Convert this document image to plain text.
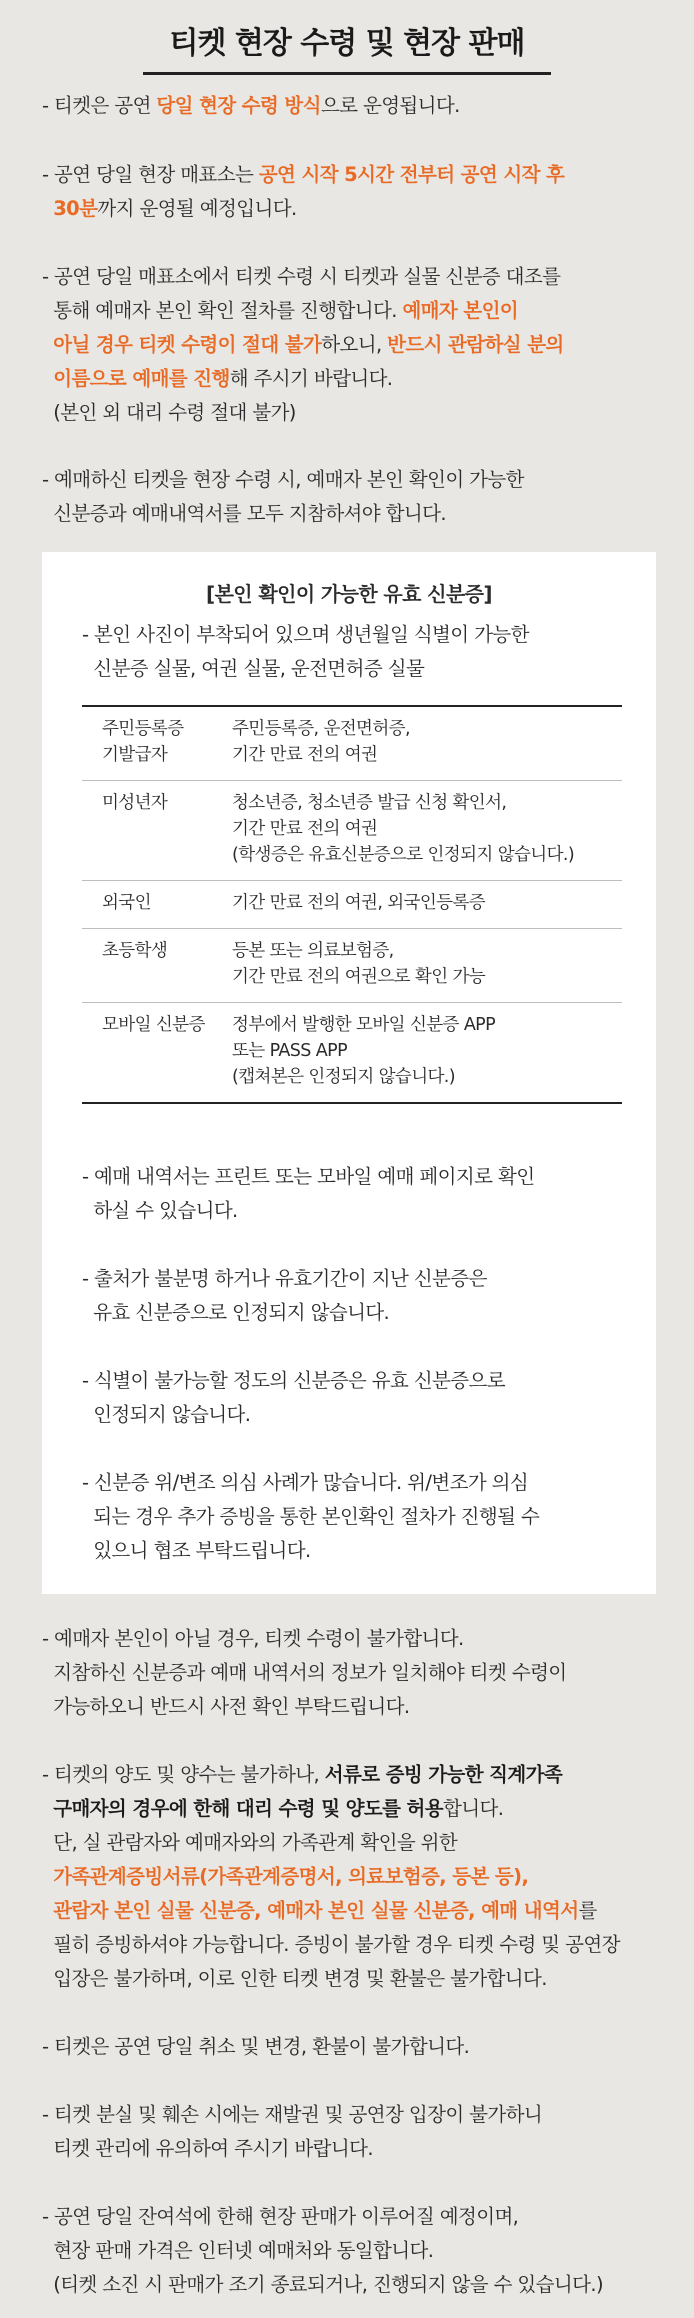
티켓 현장 수령 및 현장 판매
- 티켓은 공연 당일 현장 수령 방식으로 운영됩니다.
- 공연 당일 현장 매표소는 공연 시작 5시간 전부터 공연 시작 후
30분까지 운영될 예정입니다.
- 공연 당일 매표소에서 티켓 수령 시 티켓과 실물 신분증 대조를
통해 예매자 본인 확인 절차를 진행합니다. 예매자 본인이
아닐 경우 티켓 수령이 절대 불가하오니, 반드시 관람하실 분의
이름으로 예매를 진행해 주시기 바랍니다.
(본인 외 대리 수령 절대 불가)
- 예매하신 티켓을 현장 수령 시, 예매자 본인 확인이 가능한
신분증과 예매내역서를 모두 지참하셔야 합니다.
[본인 확인이 가능한 유효 신분증]
- 본인 사진이 부착되어 있으며 생년월일 식별이 가능한
신분증 실물, 여권 실물, 운전면허증 실물
주민등록증
기발급자	주민등록증, 운전면허증,
기간 만료 전의 여권
미성년자	청소년증, 청소년증 발급 신청 확인서,
기간 만료 전의 여권
(학생증은 유효신분증으로 인정되지 않습니다.)
외국인	기간 만료 전의 여권, 외국인등록증
초등학생	등본 또는 의료보험증,
기간 만료 전의 여권으로 확인 가능
모바일 신분증	정부에서 발행한 모바일 신분증 APP
또는 PASS APP
(캡쳐본은 인정되지 않습니다.)
- 예매 내역서는 프린트 또는 모바일 예매 페이지로 확인
하실 수 있습니다.
- 출처가 불분명 하거나 유효기간이 지난 신분증은
유효 신분증으로 인정되지 않습니다.
- 식별이 불가능할 정도의 신분증은 유효 신분증으로
인정되지 않습니다.
- 신분증 위/변조 의심 사례가 많습니다. 위/변조가 의심
되는 경우 추가 증빙을 통한 본인확인 절차가 진행될 수
있으니 협조 부탁드립니다.
- 예매자 본인이 아닐 경우, 티켓 수령이 불가합니다.
지참하신 신분증과 예매 내역서의 정보가 일치해야 티켓 수령이
가능하오니 반드시 사전 확인 부탁드립니다.
- 티켓의 양도 및 양수는 불가하나, 서류로 증빙 가능한 직계가족
구매자의 경우에 한해 대리 수령 및 양도를 허용합니다.
단, 실 관람자와 예매자와의 가족관계 확인을 위한
가족관계증빙서류(가족관계증명서, 의료보험증, 등본 등),
관람자 본인 실물 신분증, 예매자 본인 실물 신분증, 예매 내역서를
필히 증빙하셔야 가능합니다. 증빙이 불가할 경우 티켓 수령 및 공연장
입장은 불가하며, 이로 인한 티켓 변경 및 환불은 불가합니다.
- 티켓은 공연 당일 취소 및 변경, 환불이 불가합니다.
- 티켓 분실 및 훼손 시에는 재발권 및 공연장 입장이 불가하니
티켓 관리에 유의하여 주시기 바랍니다.
- 공연 당일 잔여석에 한해 현장 판매가 이루어질 예정이며,
현장 판매 가격은 인터넷 예매처와 동일합니다.
(티켓 소진 시 판매가 조기 종료되거나, 진행되지 않을 수 있습니다.)
